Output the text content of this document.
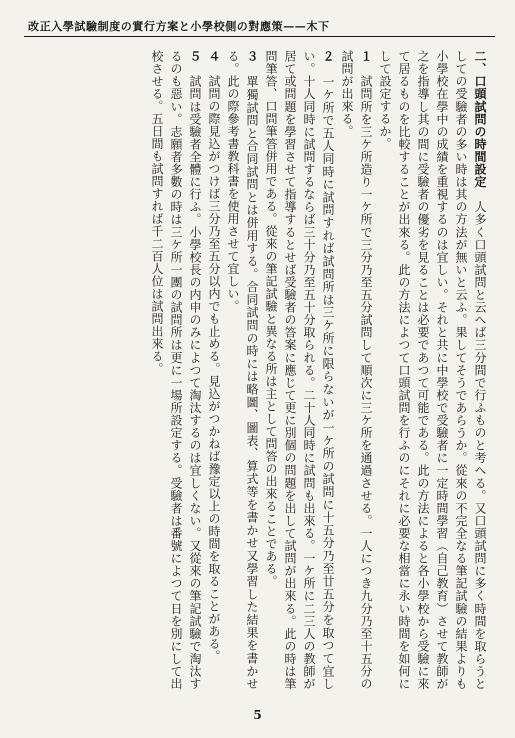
改正入學試驗制度の實行方案と小學校側の對應策——木下

二、口頭試問の時間設定　人多く口頭試問と云へば三分間で行ふものと考へる。又口頭試問に多く時間を取らうとしての受驗者の多い時は其の方法が無いと云ふ。果してそうであらうか。從來の不完全なる筆記試驗の結果よりも小學校在學中の成績を重視するのは宜しい。それと共に中學校で受驗者に一定時間學習（自己教育）させて教師が之を指導し其の間に受驗者の優劣を見ることは必要であつて可能である。此の方法によると各小學校から受驗に來て居るものを比較することが出來る。此の方法によつて口頭試問を行ふのにそれに必要な相當に永い時間を如何にして設定するか。

１　試問所を三ケ所造り一ケ所で三分乃至五分試問して順次に三ケ所を通過させる。一人につき九分乃至十五分の試問が出來る。

２　一ケ所で五人同時に試問すれば試問所は三ケ所に限らないが一ケ所の試問に十五分乃至廿五分を取つて宜しい。十人同時に試問するならば三十分乃至五十分取られる。二十人同時に試問も出來る。一ケ所に二三人の教師が居て或問題を學習させて指導するとせば受驗者の答案に應じて更に別個の問題を出して試問が出來る。此の時は筆問筆答、口問筆答併用である。從來の筆記試驗と異なる所は主として問答の出來ることである。

３　單獨試問と合同試問とは併用する。合同試問の時には略圖、圖表、算式等を書かせ又學習した結果を書かせる。此の際參考書教科書を使用させて宜しい。

４　試問の際見込がつけば三分乃至五分以内でも止める。見込がつかねば豫定以上の時間を取ることがある。

５　試問は受驗者全體に行ふ。小學校長の内申のみによつて淘汰するのは宜しくない。又從來の筆記試驗で淘汰するのも惡い。志願者多數の時は三ケ所一團の試問所は更に一場所設定する。受驗者は番號によつて日を別にして出校させる。五日間も試問すれば千二百人位は試問出來る。

5
